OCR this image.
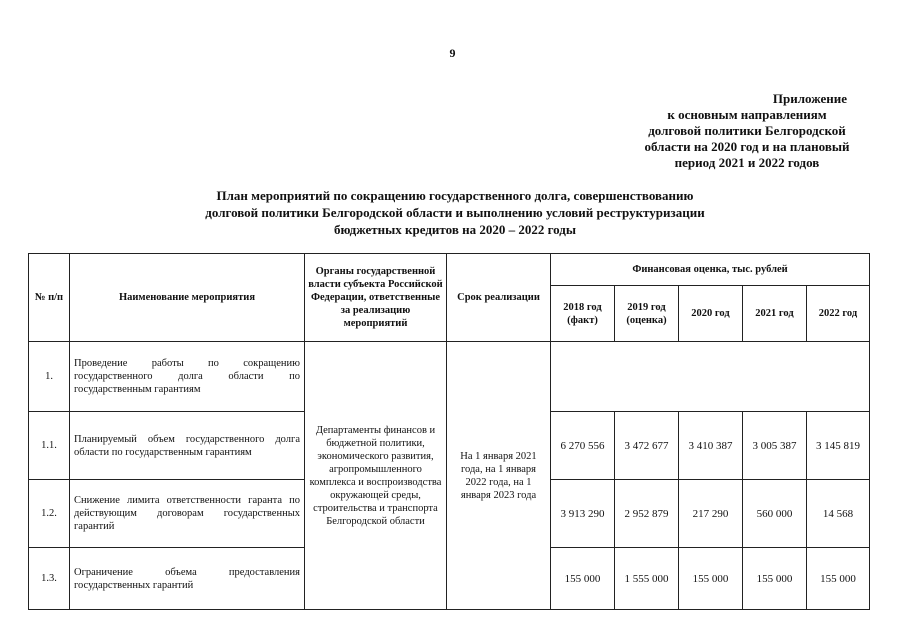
9
Приложение
к основным направлениям
долговой политики Белгородской
области на 2020 год и на плановый
период 2021 и 2022 годов
План мероприятий по сокращению государственного долга, совершенствованию
долговой политики Белгородской области и выполнению условий реструктуризации
бюджетных кредитов на 2020 – 2022 годы
№ п/п	Наименование мероприятия	Органы государственной власти субъекта Российской Федерации, ответственные за реализацию мероприятий	Срок реализации	Финансовая оценка, тыс. рублей				
				2018 год (факт)	2019 год (оценка)	2020 год	2021 год	2022 год
1.	Проведение работы по сокращению государственного долга области по государственным гарантиям	Департаменты финансов и бюджетной политики, экономического развития, агропромышленного комплекса и воспроизводства окружающей среды, строительства и транспорта Белгородской области	На 1 января 2021 года, на 1 января 2022 года, на 1 января 2023 года					
1.1.	Планируемый объем государственного долга области по государственным гарантиям			6 270 556	3 472 677	3 410 387	3 005 387	3 145 819
1.2.	Снижение лимита ответственности гаранта по действующим договорам государственных гарантий			3 913 290	2 952 879	217 290	560 000	14 568
1.3.	Ограничение объема предоставления государственных гарантий			155 000	1 555 000	155 000	155 000	155 000
